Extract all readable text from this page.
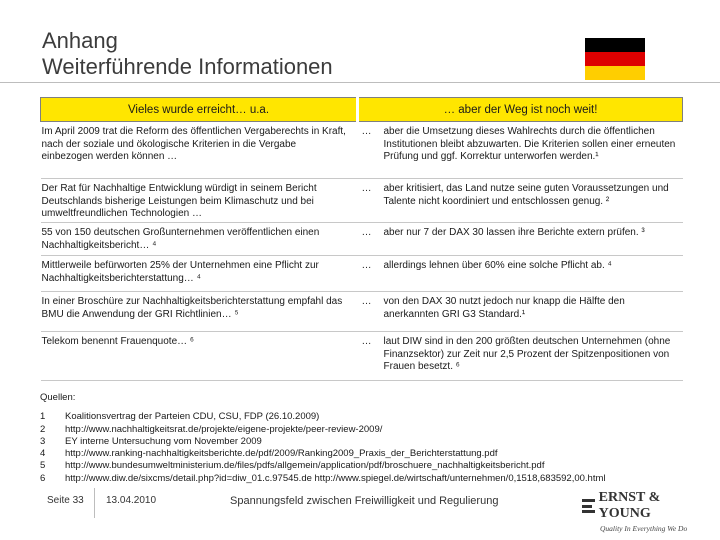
Anhang
Weiterführende Informationen
Vieles wurde erreicht… u.a.	… aber der Weg ist noch weit!
Im April 2009 trat die Reform des öffentlichen Vergaberechts in Kraft, nach der soziale und ökologische Kriterien in die Vergabe einbezogen werden können …	… aber die Umsetzung dieses Wahlrechts durch die öffentlichen Institutionen bleibt abzuwarten. Die Kriterien sollen einer erneuten Prüfung und ggf. Korrektur unterworfen werden.¹

Der Rat für Nachhaltige Entwicklung würdigt in seinem Bericht Deutschlands bisherige Leistungen beim Klimaschutz und bei umweltfreundlichen Technologien …	… aber kritisiert, das Land nutze seine guten Voraussetzungen und Talente nicht koordiniert und entschlossen genug. ²

55 von 150 deutschen Großunternehmen veröffentlichen einen Nachhaltigkeitsbericht… ⁴	… aber nur 7 der DAX 30 lassen ihre Berichte extern prüfen. ³

Mittlerweile befürworten 25% der Unternehmen eine Pflicht zur Nachhaltigkeitsberichterstattung… ⁴	… allerdings lehnen über 60% eine solche Pflicht ab. ⁴

In einer Broschüre zur Nachhaltigkeitsberichterstattung empfahl das BMU die Anwendung der GRI Richtlinien… ⁵	… von den DAX 30 nutzt jedoch nur knapp die Hälfte den anerkannten GRI G3 Standard.¹

Telekom benennt Frauenquote… ⁶	… laut DIW sind in den 200 größten deutschen Unternehmen (ohne Finanzsektor) zur Zeit nur 2,5 Prozent der Spitzenpositionen von Frauen besetzt. ⁶
Quellen:
1	Koalitionsvertrag der Parteien CDU, CSU, FDP (26.10.2009)
2	http://www.nachhaltigkeitsrat.de/projekte/eigene-projekte/peer-review-2009/
3	EY interne Untersuchung vom November 2009
4	http://www.ranking-nachhaltigkeitsberichte.de/pdf/2009/Ranking2009_Praxis_der_Berichterstattung.pdf
5	http://www.bundesumweltministerium.de/files/pdfs/allgemein/application/pdf/broschuere_nachhaltigkeitsbericht.pdf
6	http://www.diw.de/sixcms/detail.php?id=diw_01.c.97545.de http://www.spiegel.de/wirtschaft/unternehmen/0,1518,683592,00.html
Seite 33 13.04.2010	Spannungsfeld zwischen Freiwilligkeit und Regulierung	ERNST & YOUNG
Quality In Everything We Do
